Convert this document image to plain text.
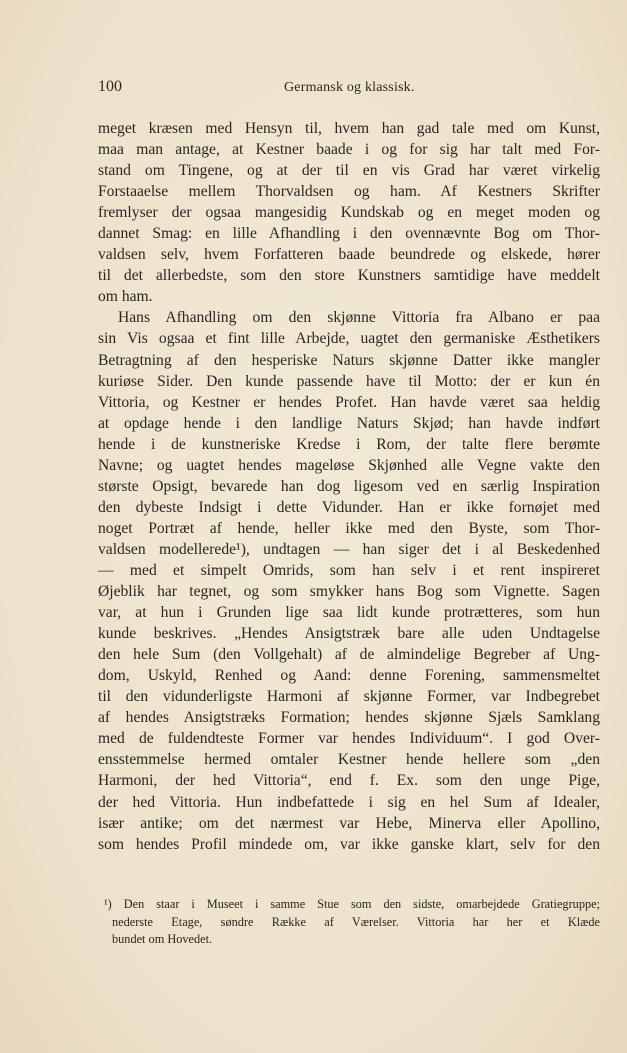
100	Germansk og klassisk.
meget kræsen med Hensyn til, hvem han gad tale med om Kunst,
maa man antage, at Kestner baade i og for sig har talt med For-
stand om Tingene, og at der til en vis Grad har været virkelig
Forstaaelse mellem Thorvaldsen og ham. Af Kestners Skrifter
fremlyser der ogsaa mangesidig Kundskab og en meget moden og
dannet Smag: en lille Afhandling i den ovennævnte Bog om Thor-
valdsen selv, hvem Forfatteren baade beundrede og elskede, hører
til det allerbedste, som den store Kunstners samtidige have meddelt
om ham.
Hans Afhandling om den skjønne Vittoria fra Albano er paa
sin Vis ogsaa et fint lille Arbejde, uagtet den germaniske Æsthetikers
Betragtning af den hesperiske Naturs skjønne Datter ikke mangler
kuriøse Sider. Den kunde passende have til Motto: der er kun én
Vittoria, og Kestner er hendes Profet. Han havde været saa heldig
at opdage hende i den landlige Naturs Skjød; han havde indført
hende i de kunstneriske Kredse i Rom, der talte flere berømte
Navne; og uagtet hendes mageløse Skjønhed alle Vegne vakte den
største Opsigt, bevarede han dog ligesom ved en særlig Inspiration
den dybeste Indsigt i dette Vidunder. Han er ikke fornøjet med
noget Portræt af hende, heller ikke med den Byste, som Thor-
valdsen modellerede¹), undtagen — han siger det i al Beskedenhed
— med et simpelt Omrids, som han selv i et rent inspireret
Øjeblik har tegnet, og som smykker hans Bog som Vignette. Sagen
var, at hun i Grunden lige saa lidt kunde protrætteres, som hun
kunde beskrives. „Hendes Ansigtstræk bare alle uden Undtagelse
den hele Sum (den Vollgehalt) af de almindelige Begreber af Ung-
dom, Uskyld, Renhed og Aand: denne Forening, sammensmeltet
til den vidunderligste Harmoni af skjønne Former, var Indbegrebet
af hendes Ansigtstræks Formation; hendes skjønne Sjæls Samklang
med de fuldendteste Former var hendes Individuum“. I god Over-
ensstemmelse hermed omtaler Kestner hende hellere som „den
Harmoni, der hed Vittoria“, end f. Ex. som den unge Pige,
der hed Vittoria. Hun indbefattede i sig en hel Sum af Idealer,
især antike; om det nærmest var Hebe, Minerva eller Apollino,
som hendes Profil mindede om, var ikke ganske klart, selv for den
¹) Den staar i Museet i samme Stue som den sidste, omarbejdede Gratiegruppe;
nederste Etage, søndre Række af Værelser. Vittoria har her et Klæde
bundet om Hovedet.
